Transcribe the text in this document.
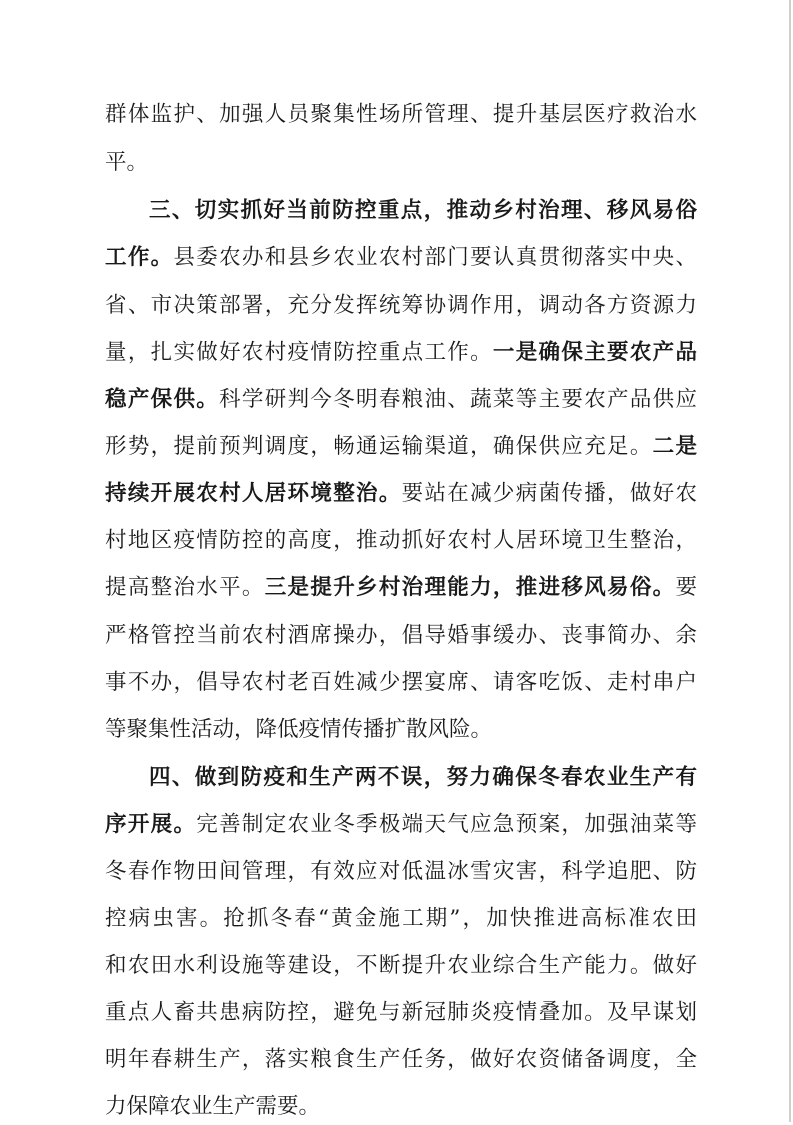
群体监护、加强人员聚集性场所管理、提升基层医疗救治水
平。
三、切实抓好当前防控重点，推动乡村治理、移风易俗
工作。县委农办和县乡农业农村部门要认真贯彻落实中央、
省、市决策部署，充分发挥统筹协调作用，调动各方资源力
量，扎实做好农村疫情防控重点工作。一是确保主要农产品
稳产保供。科学研判今冬明春粮油、蔬菜等主要农产品供应
形势，提前预判调度，畅通运输渠道，确保供应充足。二是
持续开展农村人居环境整治。要站在减少病菌传播，做好农
村地区疫情防控的高度，推动抓好农村人居环境卫生整治，
提高整治水平。三是提升乡村治理能力，推进移风易俗。要
严格管控当前农村酒席操办，倡导婚事缓办、丧事简办、余
事不办，倡导农村老百姓减少摆宴席、请客吃饭、走村串户
等聚集性活动，降低疫情传播扩散风险。
四、做到防疫和生产两不误，努力确保冬春农业生产有
序开展。完善制定农业冬季极端天气应急预案，加强油菜等
冬春作物田间管理，有效应对低温冰雪灾害，科学追肥、防
控病虫害。抢抓冬春“黄金施工期”，加快推进高标准农田
和农田水利设施等建设，不断提升农业综合生产能力。做好
重点人畜共患病防控，避免与新冠肺炎疫情叠加。及早谋划
明年春耕生产，落实粮食生产任务，做好农资储备调度，全
力保障农业生产需要。
